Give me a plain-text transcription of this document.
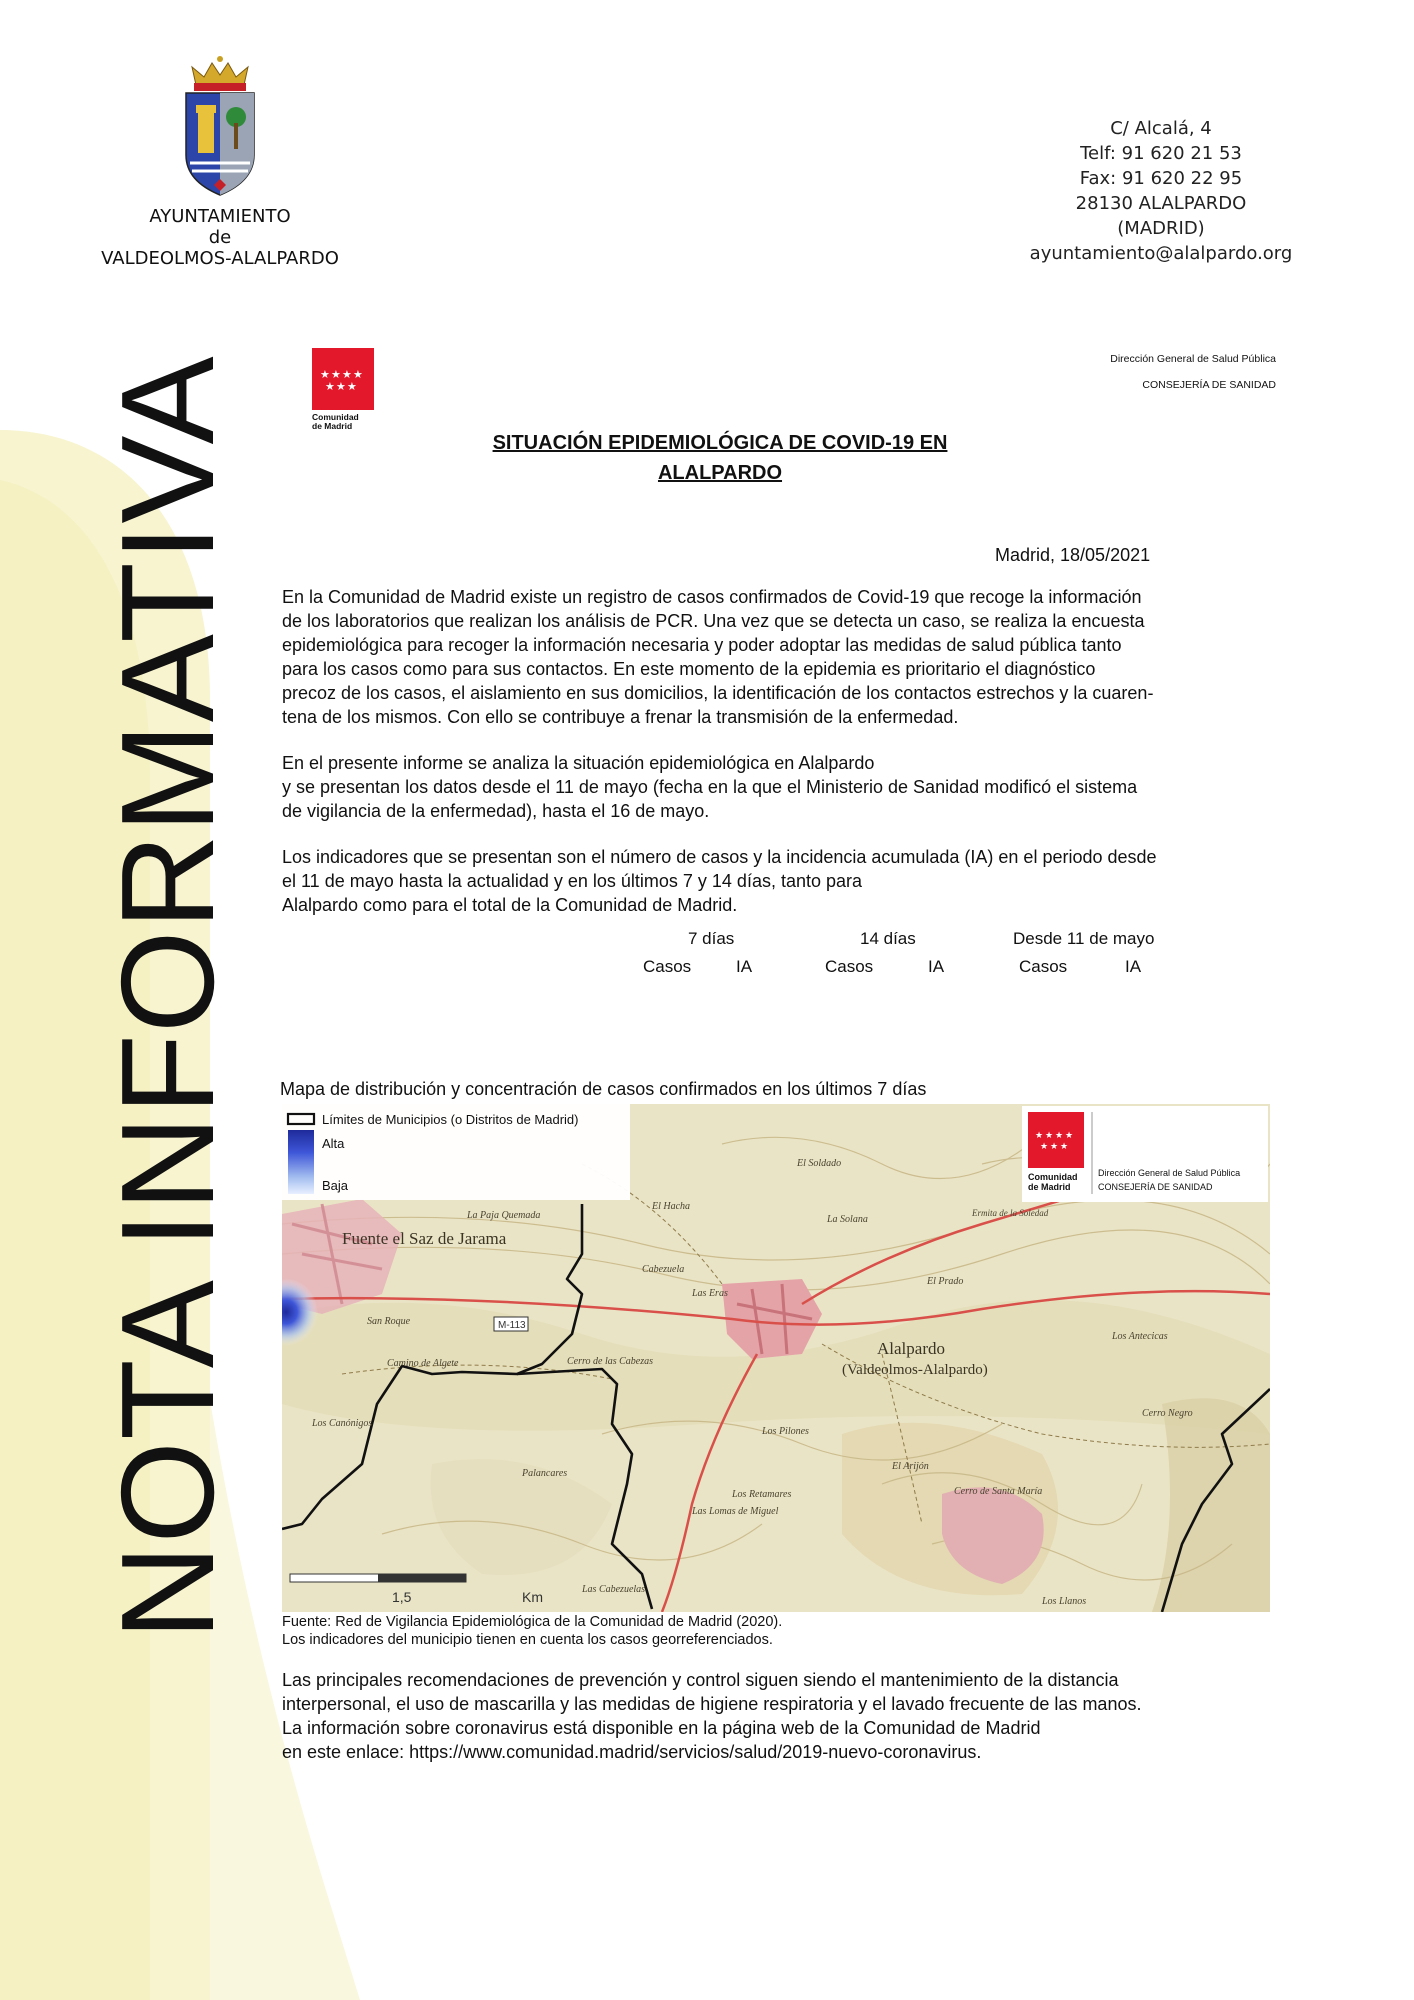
NOTA INFORMATIVA
AYUNTAMIENTO
de
VALDEOLMOS-ALALPARDO
C/ Alcalá, 4
Telf: 91 620 21 53
Fax: 91 620 22 95
28130 ALALPARDO
(MADRID)
ayuntamiento@alalpardo.org
★ ★ ★ ★
★ ★ ★
Comunidad
de Madrid
Dirección General de Salud Pública
CONSEJERÍA DE SANIDAD
SITUACIÓN EPIDEMIOLÓGICA DE COVID-19 EN
ALALPARDO
Madrid, 18/05/2021
En la Comunidad de Madrid existe un registro de casos confirmados de Covid-19 que recoge la información
de los laboratorios que realizan los análisis de PCR. Una vez que se detecta un caso, se realiza la encuesta
epidemiológica para recoger la información necesaria y poder adoptar las medidas de salud pública tanto
para los casos como para sus contactos. En este momento de la epidemia es prioritario el diagnóstico
precoz de los casos, el aislamiento en sus domicilios, la identificación de los contactos estrechos y la cuaren-
tena de los mismos. Con ello se contribuye a frenar la transmisión de la enfermedad.
En el presente informe se analiza la situación epidemiológica en Alalpardo
y se presentan los datos desde el 11 de mayo (fecha en la que el Ministerio de Sanidad modificó el sistema
de vigilancia de la enfermedad), hasta el 16 de mayo.
Los indicadores que se presentan son el número de casos y la incidencia acumulada (IA) en el periodo desde
el 11 de mayo hasta la actualidad y en los últimos 7 y 14 días, tanto para
Alalpardo como para el total de la Comunidad de Madrid.
7 días	14 días	Desde 11 de mayo
Casos	IA	Casos	IA	Casos	IA
Mapa de distribución y concentración de casos confirmados en los últimos 7 días
Fuente el Saz de Jarama
Alalpardo
(Valdeolmos-Alalpardo)
La Paja Quemada
El Hacha
El Soldado
La Solana
Cabezuela
Las Eras
San Roque
Camino de Algete	Cerro de las Cabezas
Los Pilones
Los Canónigos
Palancares
Los Retamares
Las Lomas de Miguel
Las Cabezuelas
El Arijón
Cerro de Santa María
Los Antecicas
Cerro Negro
Los Llanos
El Prado
Ermita de la Soledad
M-113
1,5	Km
Límites de Municipios (o Distritos de Madrid)
Alta
Baja
★ ★ ★ ★
★ ★ ★
Comunidad
de Madrid
Dirección General de Salud Pública
CONSEJERÍA DE SANIDAD
Fuente: Red de Vigilancia Epidemiológica de la Comunidad de Madrid (2020).
Los indicadores del municipio tienen en cuenta los casos georreferenciados.
Las principales recomendaciones de prevención y control siguen siendo el mantenimiento de la distancia
interpersonal, el uso de mascarilla y las medidas de higiene respiratoria y el lavado frecuente de las manos.
La información sobre coronavirus está disponible en la página web de la Comunidad de Madrid
en este enlace: https://www.comunidad.madrid/servicios/salud/2019-nuevo-coronavirus.
